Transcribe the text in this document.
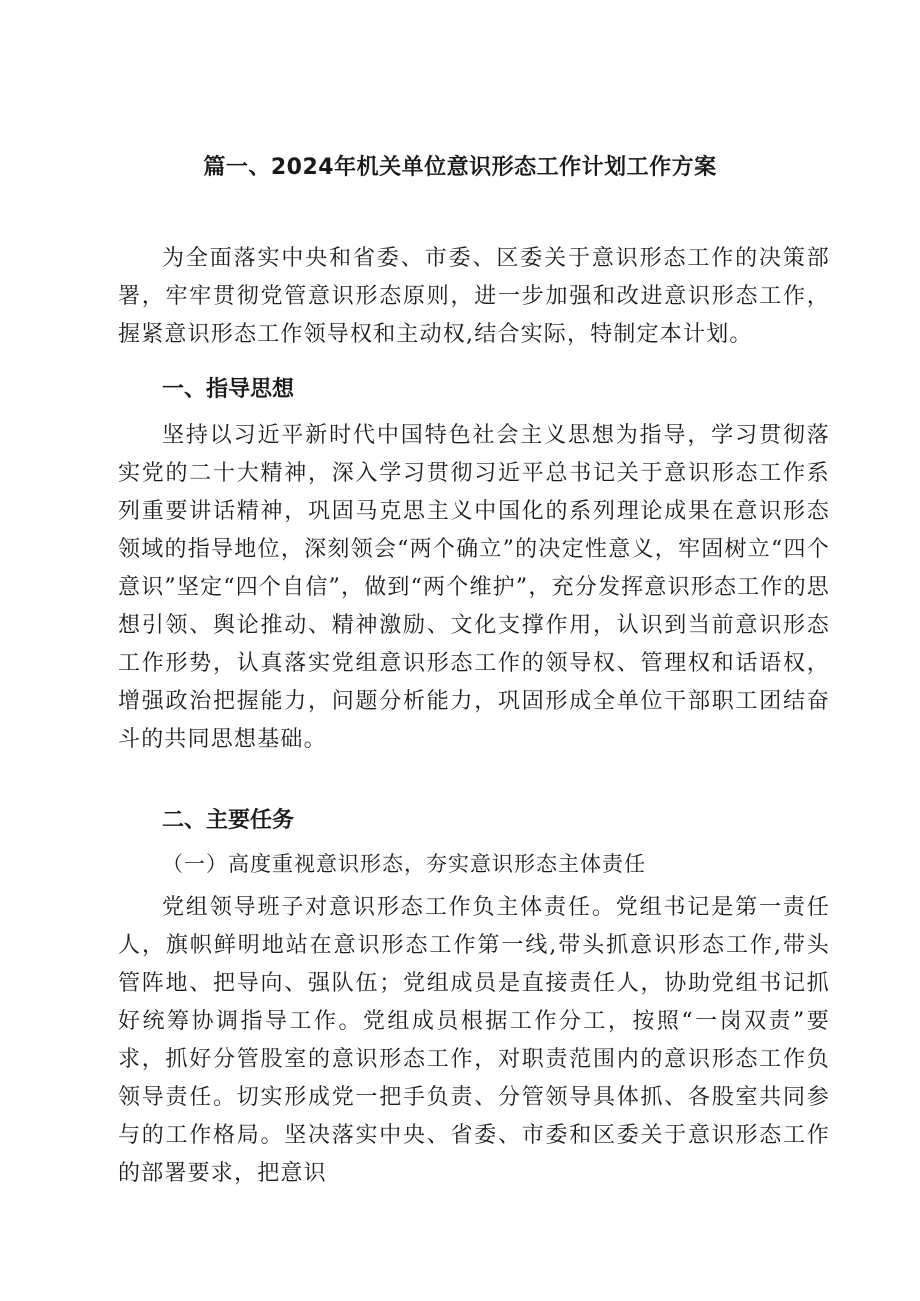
篇一、2024年机关单位意识形态工作计划工作方案

为全面落实中央和省委、市委、区委关于意识形态工作的决策部署，牢牢贯彻党管意识形态原则，进一步加强和改进意识形态工作，握紧意识形态工作领导权和主动权,结合实际，特制定本计划。

一、指导思想

坚持以习近平新时代中国特色社会主义思想为指导，学习贯彻落实党的二十大精神，深入学习贯彻习近平总书记关于意识形态工作系列重要讲话精神，巩固马克思主义中国化的系列理论成果在意识形态领域的指导地位，深刻领会“两个确立”的决定性意义，牢固树立“四个意识”坚定“四个自信”，做到“两个维护”，充分发挥意识形态工作的思想引领、舆论推动、精神激励、文化支撑作用，认识到当前意识形态工作形势，认真落实党组意识形态工作的领导权、管理权和话语权，增强政治把握能力，问题分析能力，巩固形成全单位干部职工团结奋斗的共同思想基础。

二、主要任务

（一）高度重视意识形态，夯实意识形态主体责任

党组领导班子对意识形态工作负主体责任。党组书记是第一责任人，旗帜鲜明地站在意识形态工作第一线,带头抓意识形态工作,带头管阵地、把导向、强队伍；党组成员是直接责任人，协助党组书记抓好统筹协调指导工作。党组成员根据工作分工，按照“一岗双责”要求，抓好分管股室的意识形态工作，对职责范围内的意识形态工作负领导责任。切实形成党一把手负责、分管领导具体抓、各股室共同参与的工作格局。坚决落实中央、省委、市委和区委关于意识形态工作的部署要求，把意识
